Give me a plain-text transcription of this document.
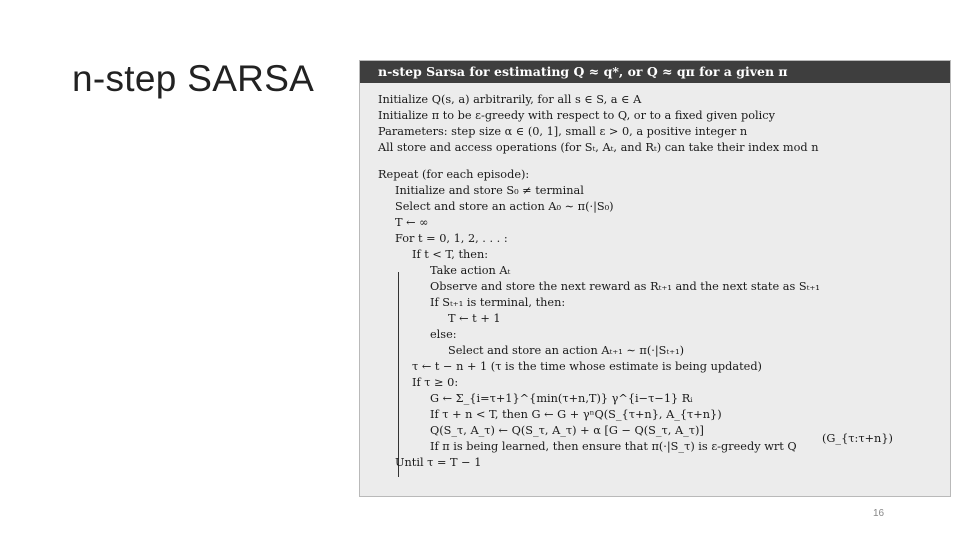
n-step SARSA	n-step Sarsa for estimating Q ≈ q*, or Q ≈ qπ for a given π
(G_{τ:τ+n})
Initialize Q(s, a) arbitrarily, for all s ∈ S, a ∈ A
Initialize π to be ε-greedy with respect to Q, or to a fixed given policy
Parameters: step size α ∈ (0, 1], small ε > 0, a positive integer n
All store and access operations (for Sₜ, Aₜ, and Rₜ) can take their index mod n
Repeat (for each episode):
Initialize and store S₀ ≠ terminal
Select and store an action A₀ ∼ π(·|S₀)
T ← ∞
For t = 0, 1, 2, . . . :
If t < T, then:
Take action Aₜ
Observe and store the next reward as Rₜ₊₁ and the next state as Sₜ₊₁
If Sₜ₊₁ is terminal, then:
T ← t + 1
else:
Select and store an action Aₜ₊₁ ∼ π(·|Sₜ₊₁)
τ ← t − n + 1 (τ is the time whose estimate is being updated)
If τ ≥ 0:
G ← Σ_{i=τ+1}^{min(τ+n,T)} γ^{i−τ−1} Rᵢ
If τ + n < T, then G ← G + γⁿQ(S_{τ+n}, A_{τ+n})
Q(S_τ, A_τ) ← Q(S_τ, A_τ) + α [G − Q(S_τ, A_τ)]
If π is being learned, then ensure that π(·|S_τ) is ε-greedy wrt Q
Until τ = T − 1
16
